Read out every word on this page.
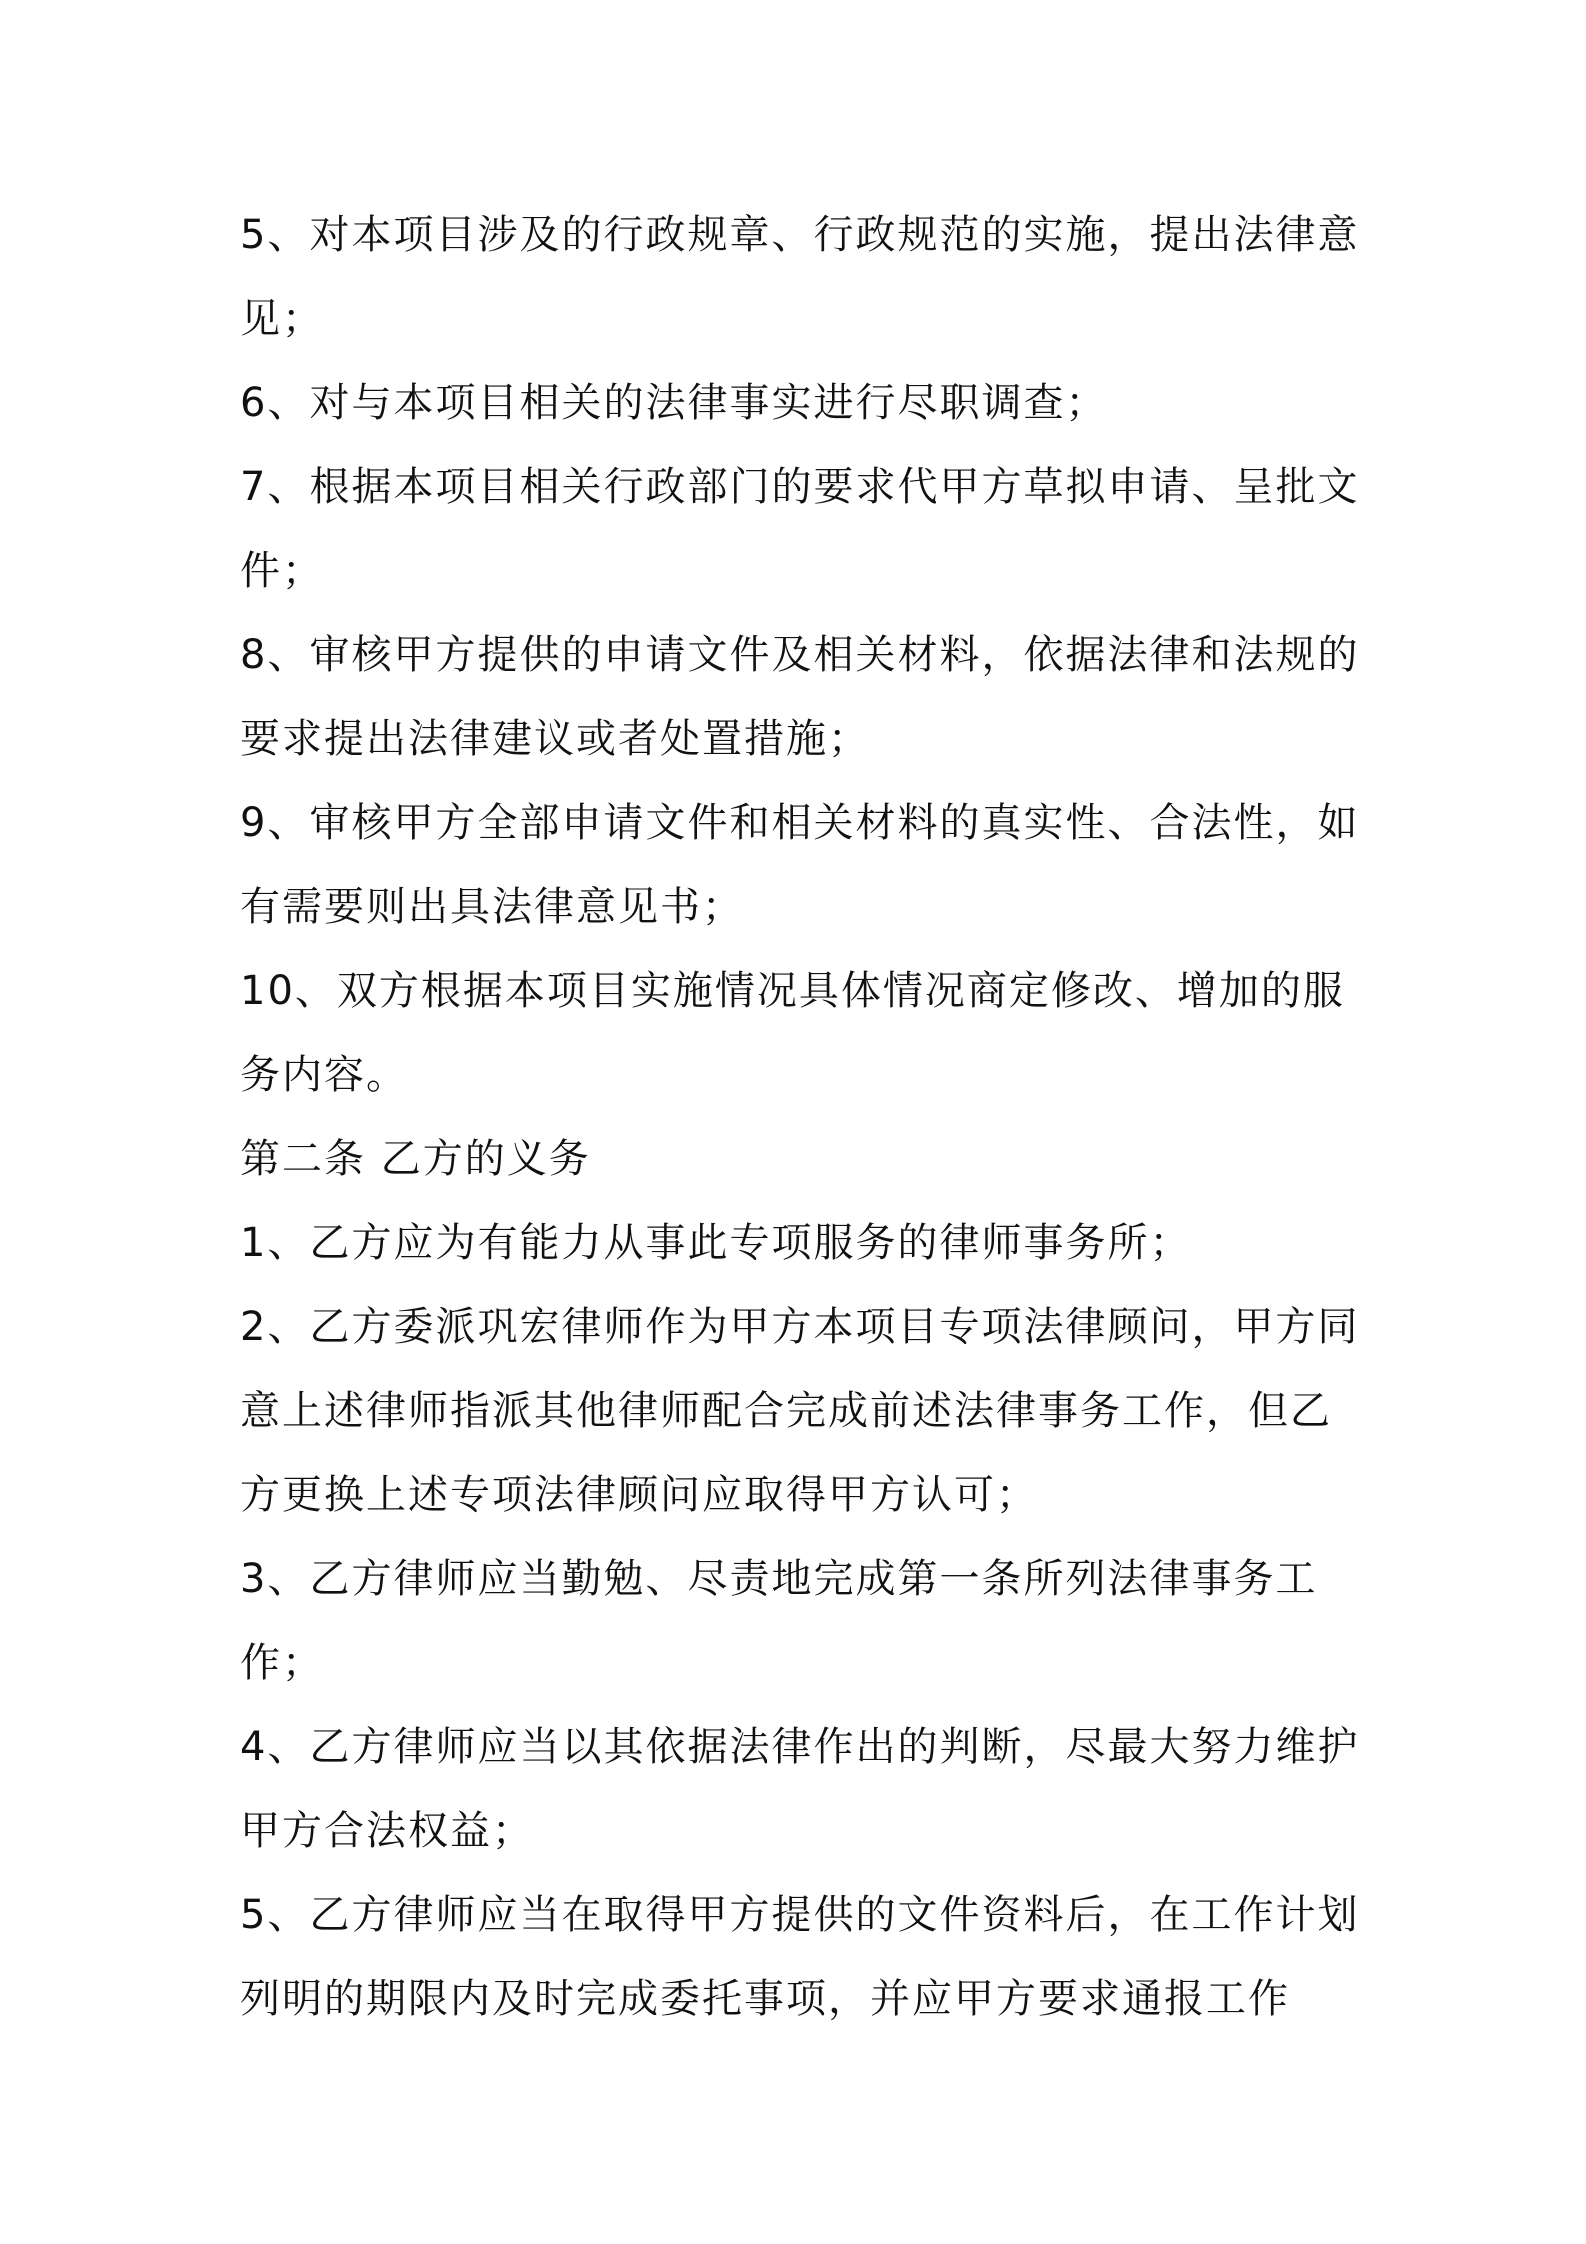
5、对本项目涉及的行政规章、行政规范的实施，提出法律意见；

6、对与本项目相关的法律事实进行尽职调查；

7、根据本项目相关行政部门的要求代甲方草拟申请、呈批文件；

8、审核甲方提供的申请文件及相关材料，依据法律和法规的要求提出法律建议或者处置措施；

9、审核甲方全部申请文件和相关材料的真实性、合法性，如有需要则出具法律意见书；

10、双方根据本项目实施情况具体情况商定修改、增加的服务内容。

第二条 乙方的义务

1、乙方应为有能力从事此专项服务的律师事务所；

2、乙方委派巩宏律师作为甲方本项目专项法律顾问，甲方同意上述律师指派其他律师配合完成前述法律事务工作，但乙方更换上述专项法律顾问应取得甲方认可；

3、乙方律师应当勤勉、尽责地完成第一条所列法律事务工作；

4、乙方律师应当以其依据法律作出的判断，尽最大努力维护甲方合法权益；

5、乙方律师应当在取得甲方提供的文件资料后，在工作计划列明的期限内及时完成委托事项，并应甲方要求通报工作
